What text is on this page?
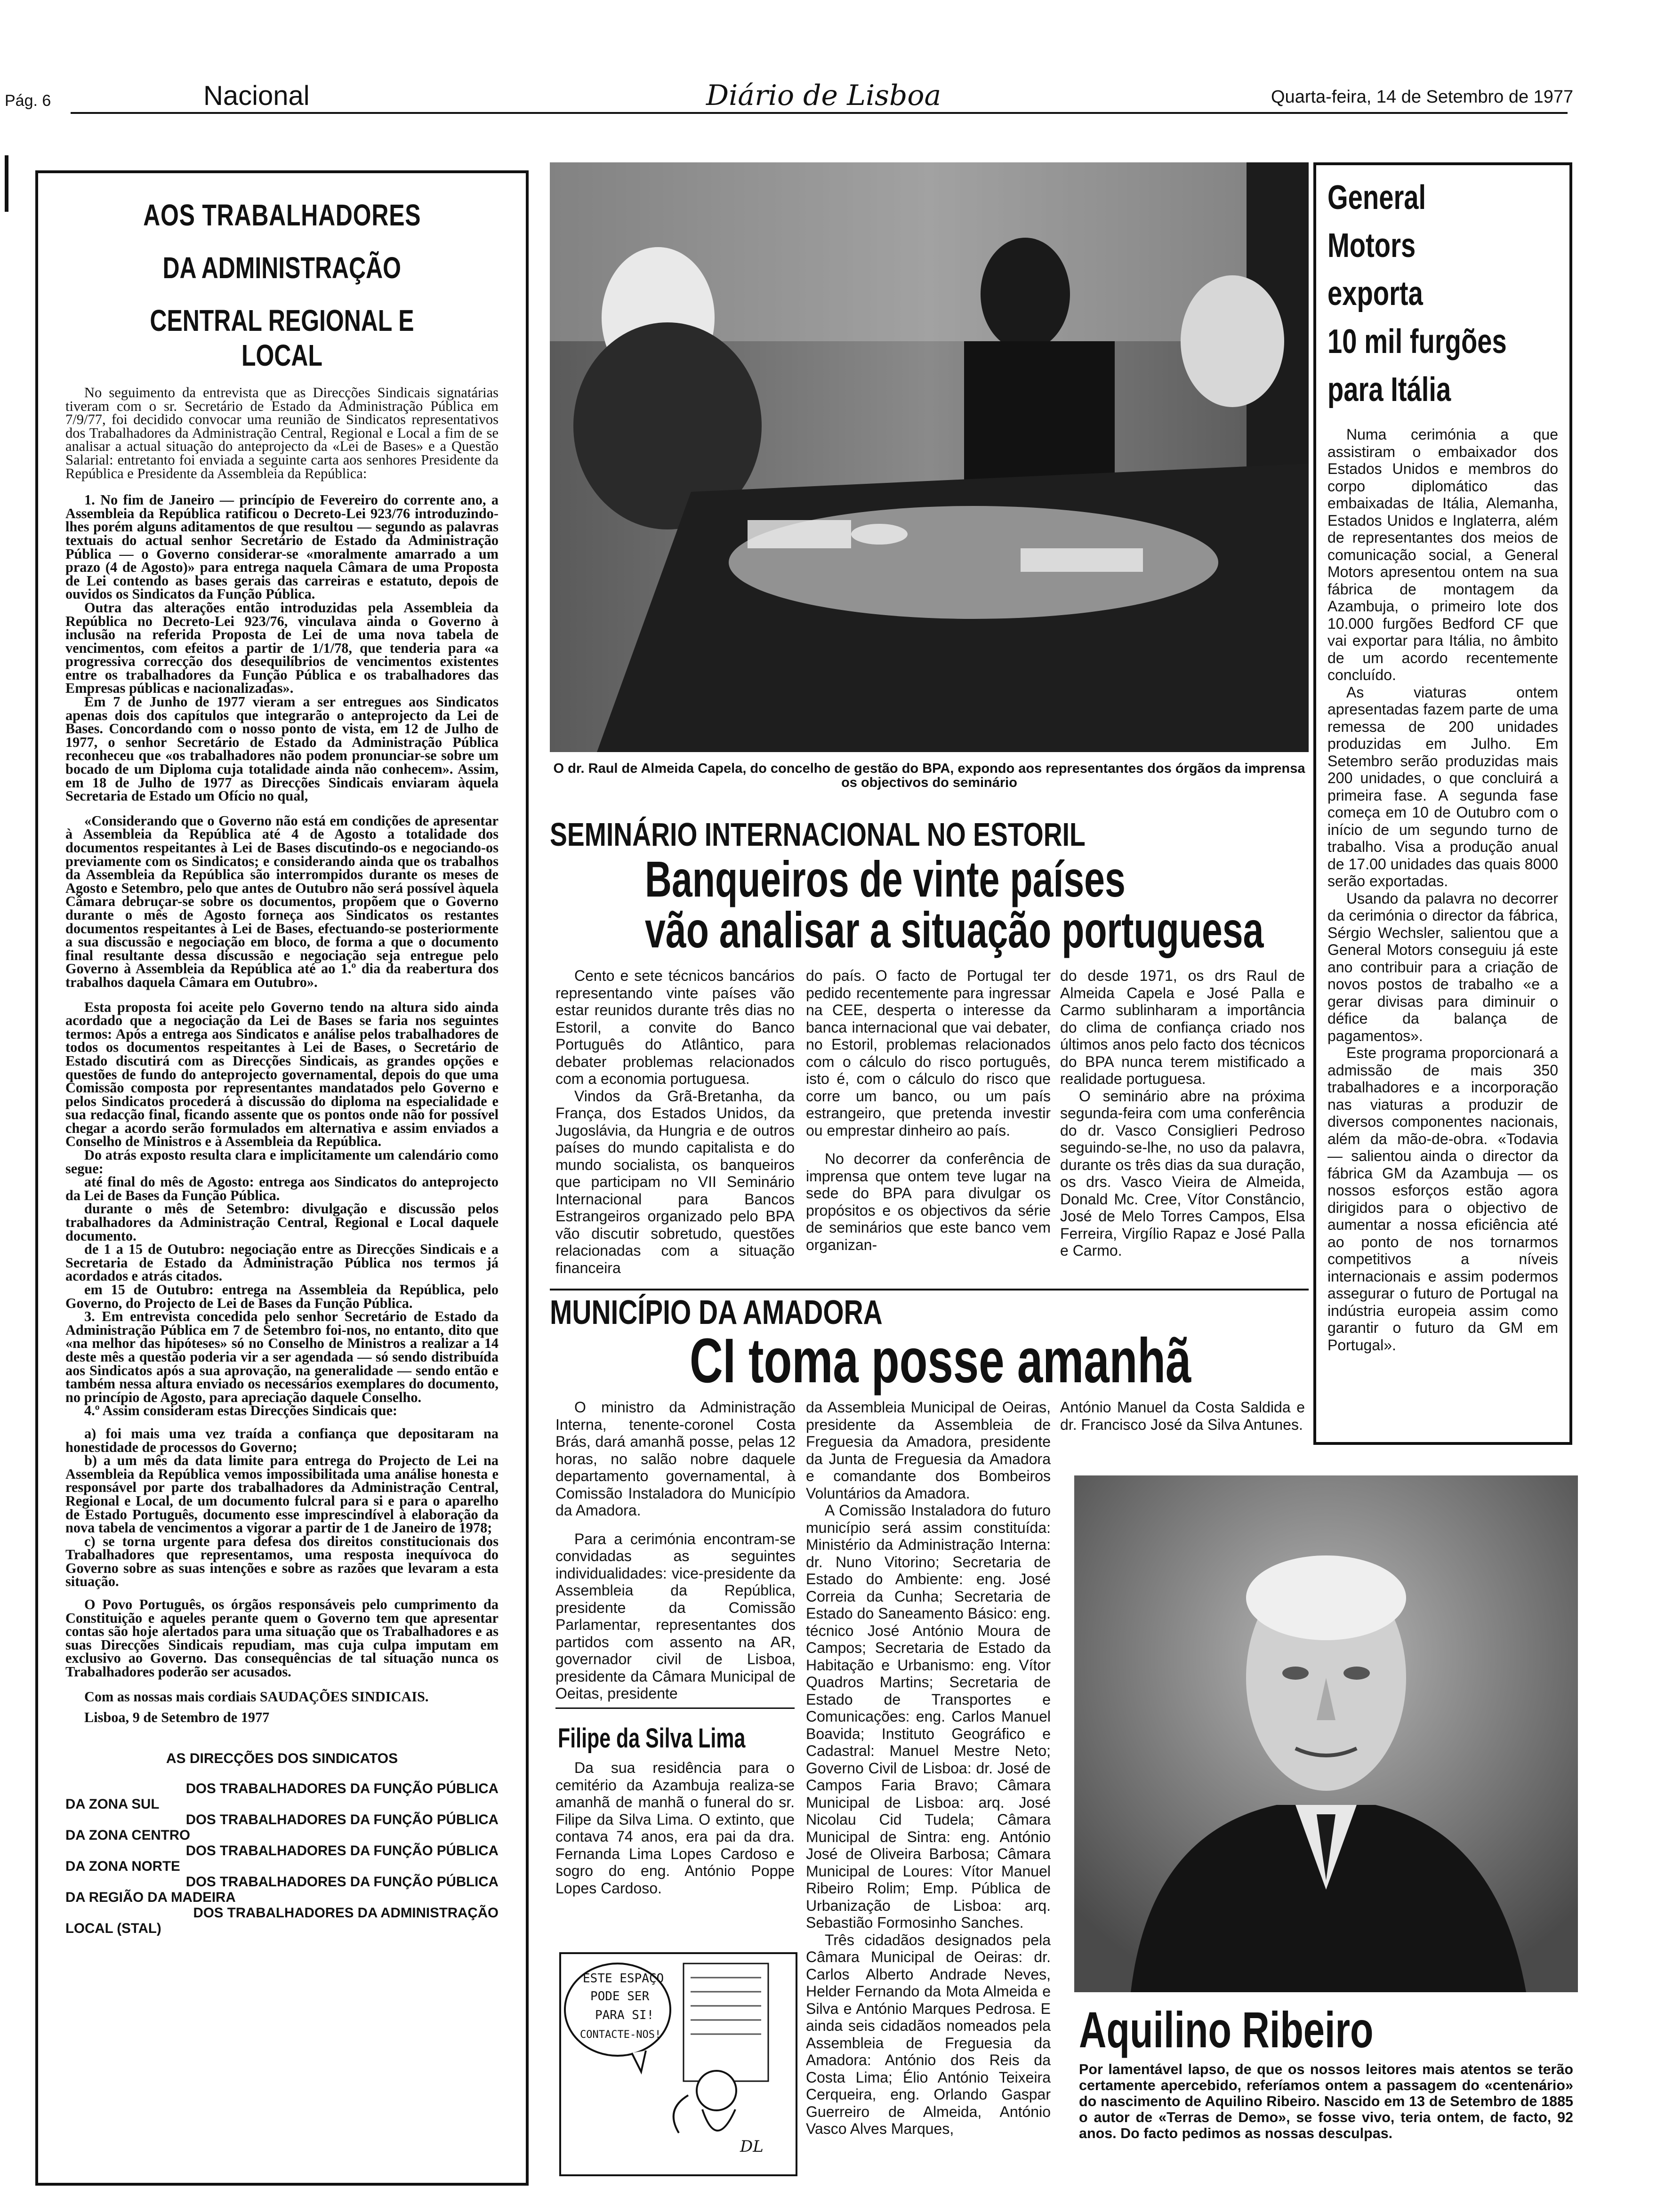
Pág. 6	Nacional	Diário de Lisboa	Quarta-feira, 14 de Setembro de 1977
AOS TRABALHADORES
DA ADMINISTRAÇÃO
CENTRAL REGIONAL E LOCAL
No seguimento da entrevista que as Direcções Sindicais signatárias tiveram com o sr. Secretário de Estado da Administração Pública em 7/9/77, foi decidido convocar uma reunião de Sindicatos representativos dos Trabalhadores da Administração Central, Regional e Local a fim de se analisar a actual situação do anteprojecto da «Lei de Bases» e a Questão Salarial: entretanto foi enviada a seguinte carta aos senhores Presidente da República e Presidente da Assembleia da República:

1. No fim de Janeiro — princípio de Fevereiro do corrente ano, a Assembleia da República ratificou o Decreto-Lei 923/76 introduzindo-lhes porém alguns aditamentos de que resultou — segundo as palavras textuais do actual senhor Secretário de Estado da Administração Pública — o Governo considerar-se «moralmente amarrado a um prazo (4 de Agosto)» para entrega naquela Câmara de uma Proposta de Lei contendo as bases gerais das carreiras e estatuto, depois de ouvidos os Sindicatos da Função Pública.

Outra das alterações então introduzidas pela Assembleia da República no Decreto-Lei 923/76, vinculava ainda o Governo à inclusão na referida Proposta de Lei de uma nova tabela de vencimentos, com efeitos a partir de 1/1/78, que tenderia para «a progressiva correcção dos desequilíbrios de vencimentos existentes entre os trabalhadores da Função Pública e os trabalhadores das Empresas públicas e nacionalizadas».

Em 7 de Junho de 1977 vieram a ser entregues aos Sindicatos apenas dois dos capítulos que integrarão o anteprojecto da Lei de Bases. Concordando com o nosso ponto de vista, em 12 de Julho de 1977, o senhor Secretário de Estado da Administração Pública reconheceu que «os trabalhadores não podem pronunciar-se sobre um bocado de um Diploma cuja totalidade ainda não conhecem». Assim, em 18 de Julho de 1977 as Direcções Sindicais enviaram àquela Secretaria de Estado um Ofício no qual,

«Considerando que o Governo não está em condições de apresentar à Assembleia da República até 4 de Agosto a totalidade dos documentos respeitantes à Lei de Bases discutindo-os e negociando-os previamente com os Sindicatos; e considerando ainda que os trabalhos da Assembleia da República são interrompidos durante os meses de Agosto e Setembro, pelo que antes de Outubro não será possível àquela Câmara debruçar-se sobre os documentos, propõem que o Governo durante o mês de Agosto forneça aos Sindicatos os restantes documentos respeitantes à Lei de Bases, efectuando-se posteriormente a sua discussão e negociação em bloco, de forma a que o documento final resultante dessa discussão e negociação seja entregue pelo Governo à Assembleia da República até ao 1.º dia da reabertura dos trabalhos daquela Câmara em Outubro».

Esta proposta foi aceite pelo Governo tendo na altura sido ainda acordado que a negociação da Lei de Bases se faria nos seguintes termos: Após a entrega aos Sindicatos e análise pelos trabalhadores de todos os documentos respeitantes à Lei de Bases, o Secretário de Estado discutirá com as Direcções Sindicais, as grandes opções e questões de fundo do anteprojecto governamental, depois do que uma Comissão composta por representantes mandatados pelo Governo e pelos Sindicatos procederá à discussão do diploma na especialidade e sua redacção final, ficando assente que os pontos onde não for possível chegar a acordo serão formulados em alternativa e assim enviados a Conselho de Ministros e à Assembleia da República.

Do atrás exposto resulta clara e implicitamente um calendário como segue:

até final do mês de Agosto: entrega aos Sindicatos do anteprojecto da Lei de Bases da Função Pública.

durante o mês de Setembro: divulgação e discussão pelos trabalhadores da Administração Central, Regional e Local daquele documento.

de 1 a 15 de Outubro: negociação entre as Direcções Sindicais e a Secretaria de Estado da Administração Pública nos termos já acordados e atrás citados.

em 15 de Outubro: entrega na Assembleia da República, pelo Governo, do Projecto de Lei de Bases da Função Pública.

3. Em entrevista concedida pelo senhor Secretário de Estado da Administração Pública em 7 de Setembro foi-nos, no entanto, dito que «na melhor das hipóteses» só no Conselho de Ministros a realizar a 14 deste mês a questão poderia vir a ser agendada — só sendo distribuída aos Sindicatos após a sua aprovação, na generalidade — sendo então e também nessa altura enviado os necessários exemplares do documento, no princípio de Agosto, para apreciação daquele Conselho.

4.º Assim consideram estas Direcções Sindicais que:

a) foi mais uma vez traída a confiança que depositaram na honestidade de processos do Governo;

b) a um mês da data limite para entrega do Projecto de Lei na Assembleia da República vemos impossibilitada uma análise honesta e responsável por parte dos trabalhadores da Administração Central, Regional e Local, de um documento fulcral para si e para o aparelho de Estado Português, documento esse imprescindível à elaboração da nova tabela de vencimentos a vigorar a partir de 1 de Janeiro de 1978;

c) se torna urgente para defesa dos direitos constitucionais dos Trabalhadores que representamos, uma resposta inequívoca do Governo sobre as suas intenções e sobre as razões que levaram a esta situação.

O Povo Português, os órgãos responsáveis pelo cumprimento da Constituição e aqueles perante quem o Governo tem que apresentar contas são hoje alertados para uma situação que os Trabalhadores e as suas Direcções Sindicais repudiam, mas cuja culpa imputam em exclusivo ao Governo. Das consequências de tal situação nunca os Trabalhadores poderão ser acusados.

Com as nossas mais cordiais SAUDAÇÕES SINDICAIS.

Lisboa, 9 de Setembro de 1977

AS DIRECÇÕES DOS SINDICATOS
DOS TRABALHADORES DA FUNÇÃO PÚBLICA
DA ZONA SUL
DOS TRABALHADORES DA FUNÇÃO PÚBLICA
DA ZONA CENTRO
DOS TRABALHADORES DA FUNÇÃO PÚBLICA
DA ZONA NORTE
DOS TRABALHADORES DA FUNÇÃO PÚBLICA
DA REGIÃO DA MADEIRA
DOS TRABALHADORES DA ADMINISTRAÇÃO
LOCAL (STAL)
O dr. Raul de Almeida Capela, do concelho de gestão do BPA, expondo aos representantes dos órgãos da imprensa os objectivos do seminário
SEMINÁRIO INTERNACIONAL NO ESTORIL
Banqueiros de vinte países
vão analisar a situação portuguesa

Cento e sete técnicos bancários representando vinte países vão estar reunidos durante três dias no Estoril, a convite do Banco Português do Atlântico, para debater problemas relacionados com a economia portuguesa.

Vindos da Grã-Bretanha, da França, dos Estados Unidos, da Jugoslávia, da Hungria e de outros países do mundo capitalista e do mundo socialista, os banqueiros que participam no VII Seminário Internacional para Bancos Estrangeiros organizado pelo BPA vão discutir sobretudo, questões relacionadas com a situação financeira

do país. O facto de Portugal ter pedido recentemente para ingressar na CEE, desperta o interesse da banca internacional que vai debater, no Estoril, problemas relacionados com o cálculo do risco português, isto é, com o cálculo do risco que corre um banco, ou um país estrangeiro, que pretenda investir ou emprestar dinheiro ao país.

No decorrer da conferência de imprensa que ontem teve lugar na sede do BPA para divulgar os propósitos e os objectivos da série de seminários que este banco vem organizan-

do desde 1971, os drs Raul de Almeida Capela e José Palla e Carmo sublinharam a importância do clima de confiança criado nos últimos anos pelo facto dos técnicos do BPA nunca terem mistificado a realidade portuguesa.

O seminário abre na próxima segunda-feira com uma conferência do dr. Vasco Consiglieri Pedroso seguindo-se-lhe, no uso da palavra, durante os três dias da sua duração, os drs. Vasco Vieira de Almeida, Donald Mc. Cree, Vítor Constâncio, José de Melo Torres Campos, Elsa Ferreira, Virgílio Rapaz e José Palla e Carmo.

General
Motors
exporta
10 mil furgões
para Itália

Numa cerimónia a que assistiram o embaixador dos Estados Unidos e membros do corpo diplomático das embaixadas de Itália, Alemanha, Estados Unidos e Inglaterra, além de representantes dos meios de comunicação social, a General Motors apresentou ontem na sua fábrica de montagem da Azambuja, o primeiro lote dos 10.000 furgões Bedford CF que vai exportar para Itália, no âmbito de um acordo recentemente concluído.

As viaturas ontem apresentadas fazem parte de uma remessa de 200 unidades produzidas em Julho. Em Setembro serão produzidas mais 200 unidades, o que concluirá a primeira fase. A segunda fase começa em 10 de Outubro com o início de um segundo turno de trabalho. Visa a produção anual de 17.00 unidades das quais 8000 serão exportadas.

Usando da palavra no decorrer da cerimónia o director da fábrica, Sérgio Wechsler, salientou que a General Motors conseguiu já este ano contribuir para a criação de novos postos de trabalho «e a gerar divisas para diminuir o défice da balança de pagamentos».

Este programa proporcionará a admissão de mais 350 trabalhadores e a incorporação nas viaturas a produzir de diversos componentes nacionais, além da mão-de-obra. «Todavia — salientou ainda o director da fábrica GM da Azambuja — os nossos esforços estão agora dirigidos para o objectivo de aumentar a nossa eficiência até ao ponto de nos tornarmos competitivos a níveis internacionais e assim podermos assegurar o futuro de Portugal na indústria europeia assim como garantir o futuro da GM em Portugal».

MUNICÍPIO DA AMADORA
CI toma posse amanhã

O ministro da Administração Interna, tenente-coronel Costa Brás, dará amanhã posse, pelas 12 horas, no salão nobre daquele departamento governamental, à Comissão Instaladora do Município da Amadora.

Para a cerimónia encontram-se convidadas as seguintes individualidades: vice-presidente da Assembleia da República, presidente da Comissão Parlamentar, representantes dos partidos com assento na AR, governador civil de Lisboa, presidente da Câmara Municipal de Oeitas, presidente

da Assembleia Municipal de Oeiras, presidente da Assembleia de Freguesia da Amadora, presidente da Junta de Freguesia da Amadora e comandante dos Bombeiros Voluntários da Amadora.

A Comissão Instaladora do futuro município será assim constituída: Ministério da Administração Interna: dr. Nuno Vitorino; Secretaria de Estado do Ambiente: eng. José Correia da Cunha; Secretaria de Estado do Saneamento Básico: eng. técnico José António Moura de Campos; Secretaria de Estado da Habitação e Urbanismo: eng. Vítor Quadros Martins; Secretaria de Estado de Transportes e Comunicações: eng. Carlos Manuel Boavida; Instituto Geográfico e Cadastral: Manuel Mestre Neto; Governo Civil de Lisboa: dr. José de Campos Faria Bravo; Câmara Municipal de Lisboa: arq. José Nicolau Cid Tudela; Câmara Municipal de Sintra: eng. António José de Oliveira Barbosa; Câmara Municipal de Loures: Vítor Manuel Ribeiro Rolim; Emp. Pública de Urbanização de Lisboa: arq. Sebastião Formosinho Sanches.

Três cidadãos designados pela Câmara Municipal de Oeiras: dr. Carlos Alberto Andrade Neves, Helder Fernando da Mota Almeida e Silva e António Marques Pedrosa. E ainda seis cidadãos nomeados pela Assembleia de Freguesia da Amadora: António dos Reis da Costa Lima; Élio António Teixeira Cerqueira, eng. Orlando Gaspar Guerreiro de Almeida, António Vasco Alves Marques,

António Manuel da Costa Saldida e dr. Francisco José da Silva Antunes.

Filipe da Silva Lima

Da sua residência para o cemitério da Azambuja realiza-se amanhã de manhã o funeral do sr. Filipe da Silva Lima. O extinto, que contava 74 anos, era pai da dra. Fernanda Lima Lopes Cardoso e sogro do eng. António Poppe Lopes Cardoso.

ESTE ESPAÇO
PODE SER
PARA SI!
CONTACTE-NOS!
DL
Aquilino Ribeiro
Por lamentável lapso, de que os nossos leitores mais atentos se terão certamente apercebido, referíamos ontem a passagem do «centenário» do nascimento de Aquilino Ribeiro. Nascido em 13 de Setembro de 1885 o autor de «Terras de Demo», se fosse vivo, teria ontem, de facto, 92 anos. Do facto pedimos as nossas desculpas.
